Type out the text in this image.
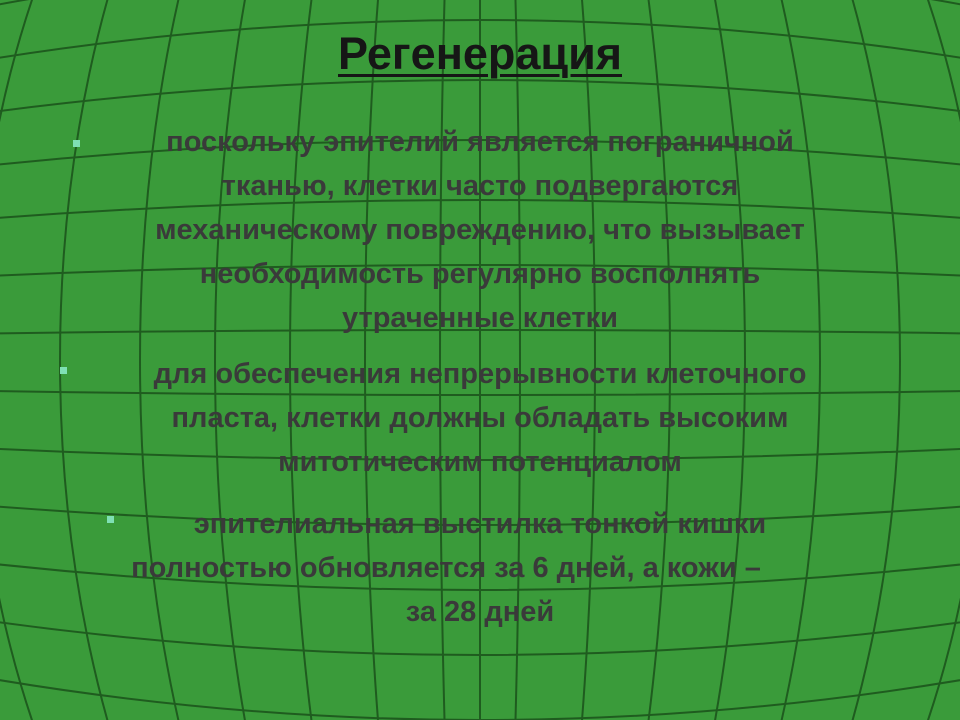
Регенерация
поскольку эпителий является пограничной
тканью, клетки часто подвергаются
механическому повреждению, что вызывает
необходимость регулярно восполнять
утраченные клетки
для обеспечения непрерывности клеточного
пласта, клетки должны обладать высоким
митотическим потенциалом
эпителиальная выстилка тонкой кишки
полностью обновляется за 6 дней, а кожи –
за 28 дней
